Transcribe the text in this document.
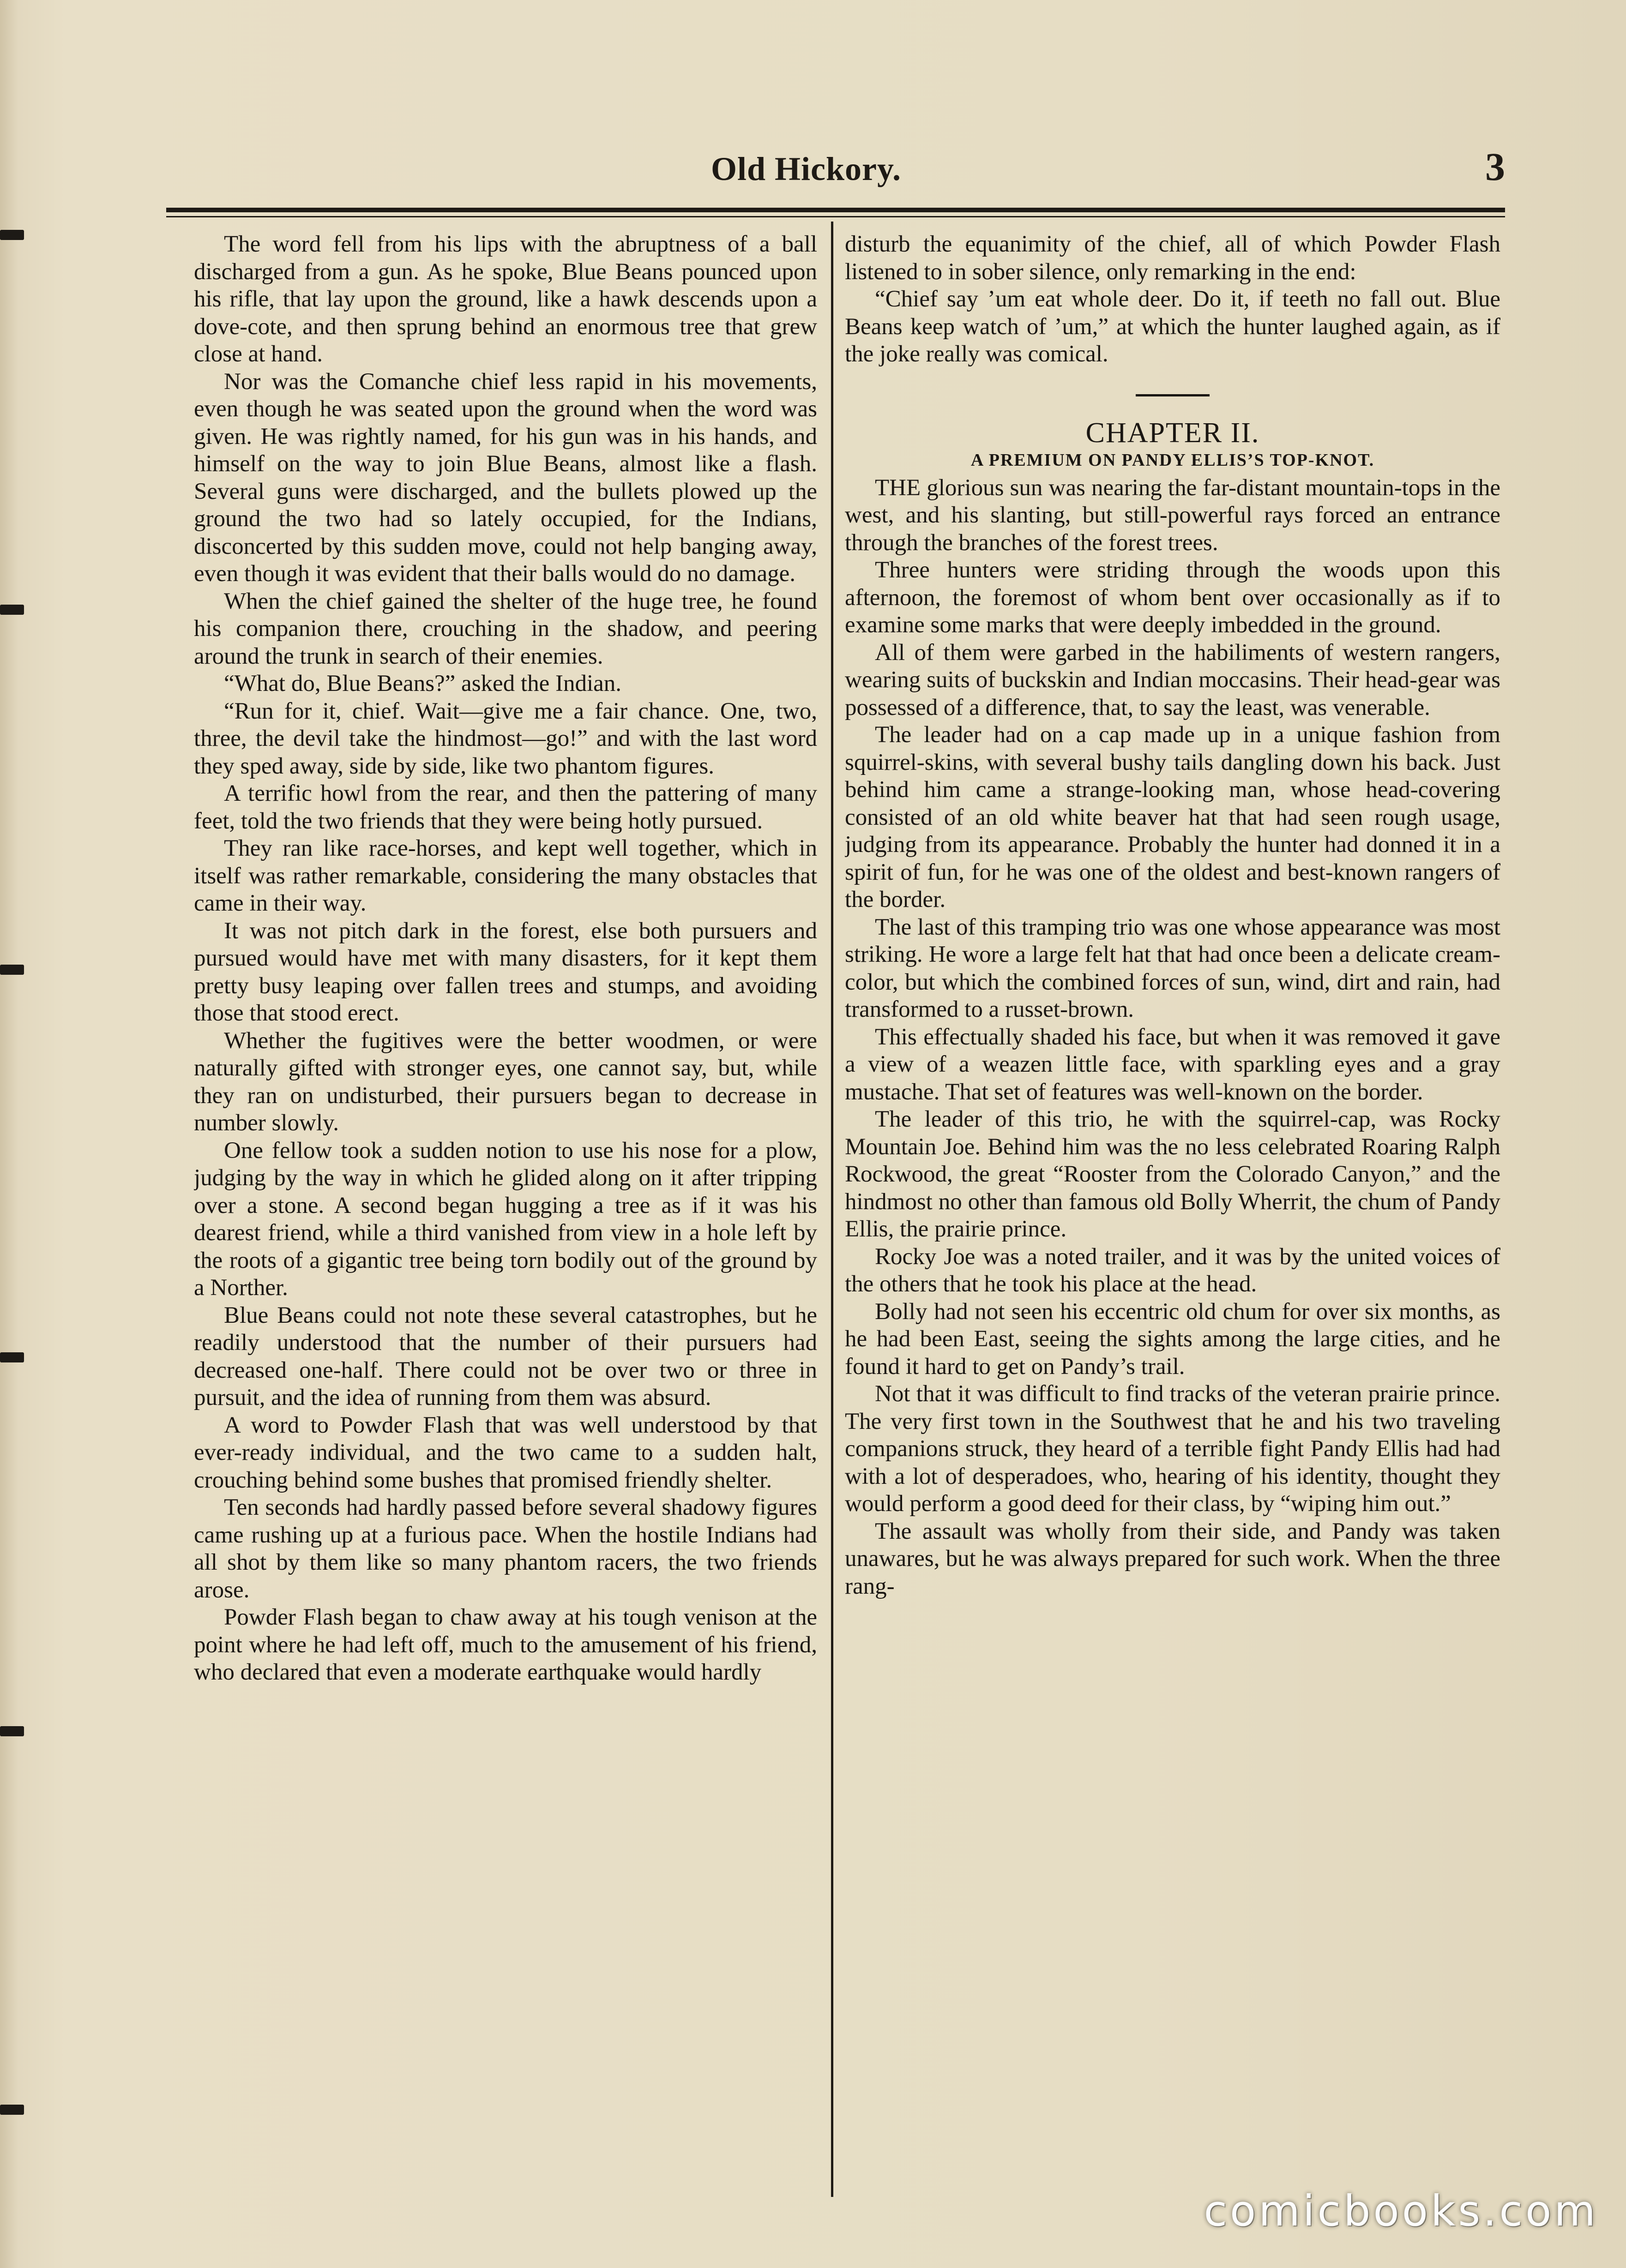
Old Hickory.	3

The word fell from his lips with the abruptness of a ball discharged from a gun. As he spoke, Blue Beans pounced upon his rifle, that lay upon the ground, like a hawk descends upon a dove-cote, and then sprung behind an enormous tree that grew close at hand.

Nor was the Comanche chief less rapid in his movements, even though he was seated upon the ground when the word was given. He was rightly named, for his gun was in his hands, and himself on the way to join Blue Beans, almost like a flash. Several guns were discharged, and the bullets plowed up the ground the two had so lately occupied, for the Indians, disconcerted by this sudden move, could not help banging away, even though it was evident that their balls would do no damage.

When the chief gained the shelter of the huge tree, he found his companion there, crouching in the shadow, and peering around the trunk in search of their enemies.

“What do, Blue Beans?” asked the Indian.

“Run for it, chief. Wait—give me a fair chance. One, two, three, the devil take the hindmost—go!” and with the last word they sped away, side by side, like two phantom figures.

A terrific howl from the rear, and then the pattering of many feet, told the two friends that they were being hotly pursued.

They ran like race-horses, and kept well together, which in itself was rather remarkable, considering the many obstacles that came in their way.

It was not pitch dark in the forest, else both pursuers and pursued would have met with many disasters, for it kept them pretty busy leaping over fallen trees and stumps, and avoiding those that stood erect.

Whether the fugitives were the better woodmen, or were naturally gifted with stronger eyes, one cannot say, but, while they ran on undisturbed, their pursuers began to decrease in number slowly.

One fellow took a sudden notion to use his nose for a plow, judging by the way in which he glided along on it after tripping over a stone. A second began hugging a tree as if it was his dearest friend, while a third vanished from view in a hole left by the roots of a gigantic tree being torn bodily out of the ground by a Norther.

Blue Beans could not note these several catastrophes, but he readily understood that the number of their pursuers had decreased one-half. There could not be over two or three in pursuit, and the idea of running from them was absurd.

A word to Powder Flash that was well understood by that ever-ready individual, and the two came to a sudden halt, crouching behind some bushes that promised friendly shelter.

Ten seconds had hardly passed before several shadowy figures came rushing up at a furious pace. When the hostile Indians had all shot by them like so many phantom racers, the two friends arose.

Powder Flash began to chaw away at his tough venison at the point where he had left off, much to the amusement of his friend, who declared that even a moderate earthquake would hardly

disturb the equanimity of the chief, all of which Powder Flash listened to in sober silence, only remarking in the end:

“Chief say ’um eat whole deer. Do it, if teeth no fall out. Blue Beans keep watch of ’um,” at which the hunter laughed again, as if the joke really was comical.

CHAPTER II.

A PREMIUM ON PANDY ELLIS’S TOP-KNOT.

THE glorious sun was nearing the far-distant mountain-tops in the west, and his slanting, but still-powerful rays forced an entrance through the branches of the forest trees.

Three hunters were striding through the woods upon this afternoon, the foremost of whom bent over occasionally as if to examine some marks that were deeply imbedded in the ground.

All of them were garbed in the habiliments of western rangers, wearing suits of buckskin and Indian moccasins. Their head-gear was possessed of a difference, that, to say the least, was venerable.

The leader had on a cap made up in a unique fashion from squirrel-skins, with several bushy tails dangling down his back. Just behind him came a strange-looking man, whose head-covering consisted of an old white beaver hat that had seen rough usage, judging from its appearance. Probably the hunter had donned it in a spirit of fun, for he was one of the oldest and best-known rangers of the border.

The last of this tramping trio was one whose appearance was most striking. He wore a large felt hat that had once been a delicate cream-color, but which the combined forces of sun, wind, dirt and rain, had transformed to a russet-brown.

This effectually shaded his face, but when it was removed it gave a view of a weazen little face, with sparkling eyes and a gray mustache. That set of features was well-known on the border.

The leader of this trio, he with the squirrel-cap, was Rocky Mountain Joe. Behind him was the no less celebrated Roaring Ralph Rockwood, the great “Rooster from the Colorado Canyon,” and the hindmost no other than famous old Bolly Wherrit, the chum of Pandy Ellis, the prairie prince.

Rocky Joe was a noted trailer, and it was by the united voices of the others that he took his place at the head.

Bolly had not seen his eccentric old chum for over six months, as he had been East, seeing the sights among the large cities, and he found it hard to get on Pandy’s trail.

Not that it was difficult to find tracks of the veteran prairie prince. The very first town in the Southwest that he and his two traveling companions struck, they heard of a terrible fight Pandy Ellis had had with a lot of desperadoes, who, hearing of his identity, thought they would perform a good deed for their class, by “wiping him out.”

The assault was wholly from their side, and Pandy was taken unawares, but he was always prepared for such work. When the three rang-

comicbooks.com
